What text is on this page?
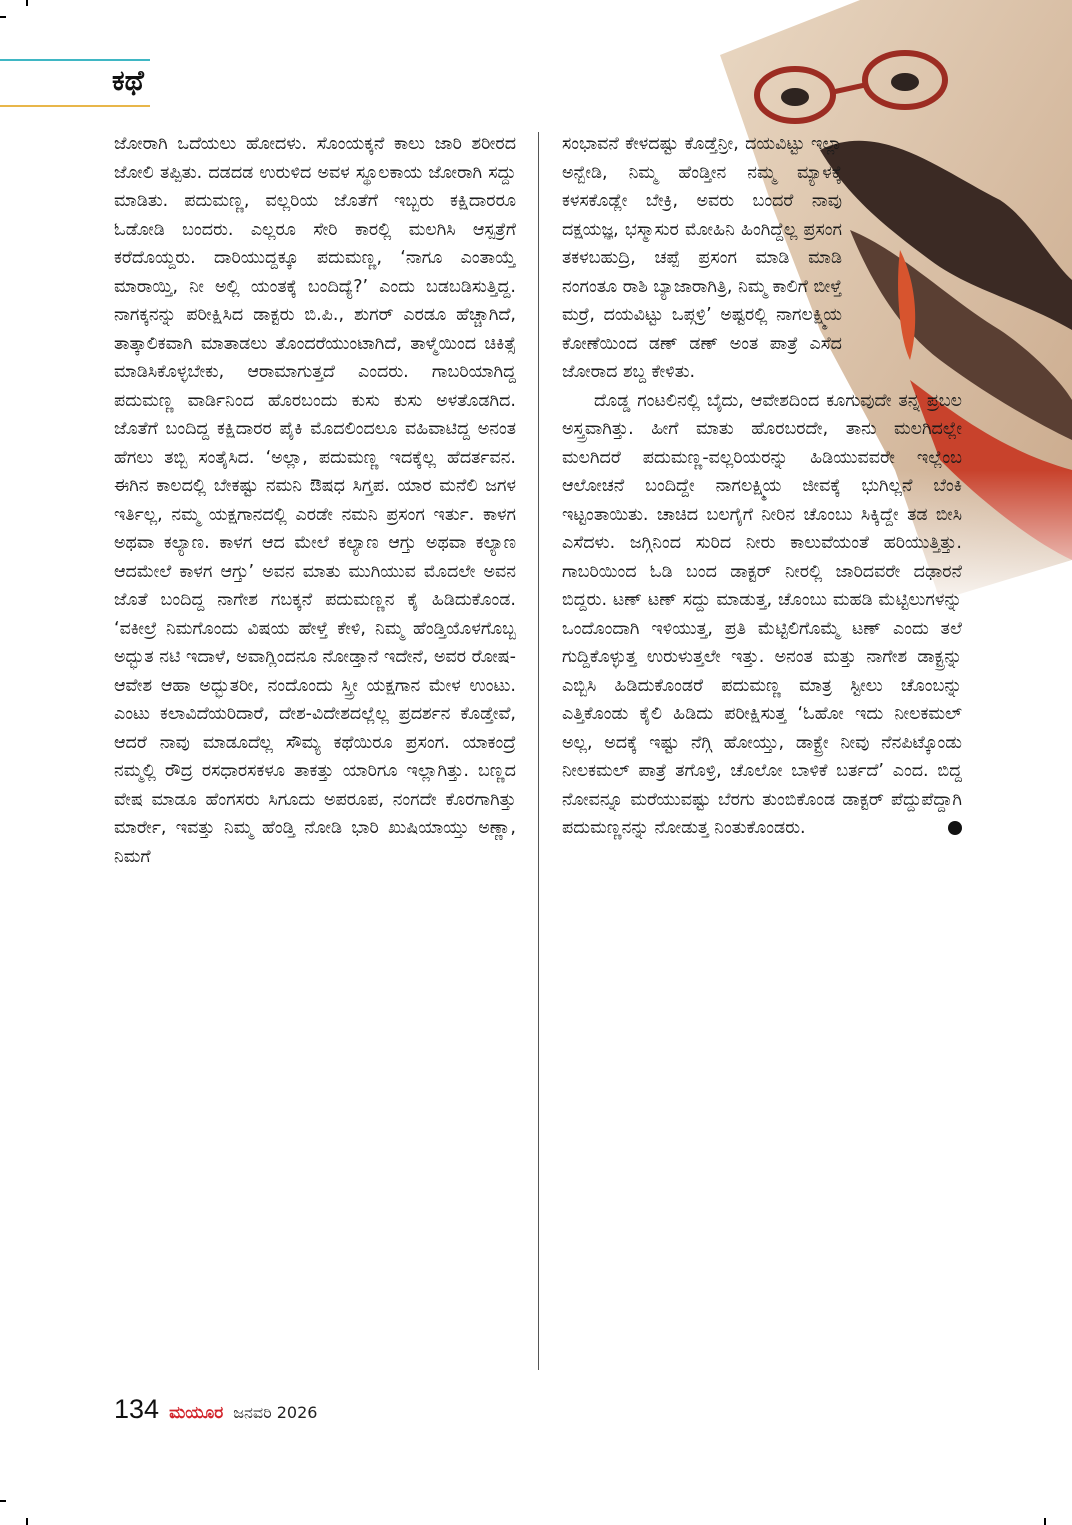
ಕಥೆ

ಜೋರಾಗಿ ಒದೆಯಲು ಹೋದಳು. ಸೊಂಯಕ್ಕನೆ ಕಾಲು ಜಾರಿ ಶರೀರದ ಜೋಲಿ ತಪ್ಪಿತು. ದಡದಡ ಉರುಳಿದ ಅವಳ ಸ್ಥೂಲಕಾಯ ಜೋರಾಗಿ ಸದ್ದು ಮಾಡಿತು. ಪದುಮಣ್ಣ, ವಲ್ಲರಿಯ ಜೊತೆಗೆ ಇಬ್ಬರು ಕಕ್ಷಿದಾರರೂ ಓಡೋಡಿ ಬಂದರು. ಎಲ್ಲರೂ ಸೇರಿ ಕಾರಲ್ಲಿ ಮಲಗಿಸಿ ಆಸ್ಪತ್ರೆಗೆ ಕರೆದೊಯ್ದರು. ದಾರಿಯುದ್ದಕ್ಕೂ ಪದುಮಣ್ಣ, ‘ನಾಗೂ ಎಂತಾಯ್ತೆ ಮಾರಾಯ್ತಿ, ನೀ ಅಲ್ಲಿ ಯಂತಕ್ಕೆ ಬಂದಿದ್ಯೆ?’ ಎಂದು ಬಡಬಡಿಸುತ್ತಿದ್ದ. ನಾಗಕ್ಕನನ್ನು ಪರೀಕ್ಷಿಸಿದ ಡಾಕ್ಟರು ಬಿ.ಪಿ., ಶುಗರ್ ಎರಡೂ ಹೆಚ್ಚಾಗಿದೆ, ತಾತ್ಕಾಲಿಕವಾಗಿ ಮಾತಾಡಲು ತೊಂದರೆಯುಂಟಾಗಿದೆ, ತಾಳ್ಮೆಯಿಂದ ಚಿಕಿತ್ಸೆ ಮಾಡಿಸಿಕೊಳ್ಳಬೇಕು, ಆರಾಮಾಗುತ್ತದೆ ಎಂದರು. ಗಾಬರಿಯಾಗಿದ್ದ ಪದುಮಣ್ಣ ವಾರ್ಡಿನಿಂದ ಹೊರಬಂದು ಕುಸು ಕುಸು ಅಳತೊಡಗಿದ. ಜೊತೆಗೆ ಬಂದಿದ್ದ ಕಕ್ಷಿದಾರರ ಪೈಕಿ ಮೊದಲಿಂದಲೂ ವಹಿವಾಟಿದ್ದ ಅನಂತ ಹೆಗಲು ತಬ್ಬಿ ಸಂತೈಸಿದ. ‘ಅಲ್ಲಾ, ಪದುಮಣ್ಣ ಇದಕ್ಕೆಲ್ಲ ಹೆದರ್ತವನ. ಈಗಿನ ಕಾಲದಲ್ಲಿ ಬೇಕಷ್ಟು ನಮನಿ ಔಷಧ ಸಿಗ್ತಪ. ಯಾರ ಮನೆಲಿ ಜಗಳ ಇರ್ತಿಲ್ಲ, ನಮ್ಮ ಯಕ್ಷಗಾನದಲ್ಲಿ ಎರಡೇ ನಮನಿ ಪ್ರಸಂಗ ಇರ್ತು. ಕಾಳಗ ಅಥವಾ ಕಲ್ಯಾಣ. ಕಾಳಗ ಆದ ಮೇಲೆ ಕಲ್ಯಾಣ ಆಗ್ತು ಅಥವಾ ಕಲ್ಯಾಣ ಆದಮೇಲೆ ಕಾಳಗ ಆಗ್ತು’ ಅವನ ಮಾತು ಮುಗಿಯುವ ಮೊದಲೇ ಅವನ ಜೊತೆ ಬಂದಿದ್ದ ನಾಗೇಶ ಗಬಕ್ಕನೆ ಪದುಮಣ್ಣನ ಕೈ ಹಿಡಿದುಕೊಂಡ. ‘ವಕೀಲ್ರೆ ನಿಮಗೊಂದು ವಿಷಯ ಹೇಳ್ತೆ ಕೇಳಿ, ನಿಮ್ಮ ಹೆಂಡ್ತಿಯೊಳಗೊಬ್ಬ ಅದ್ಭುತ ನಟಿ ಇದಾಳೆ, ಅವಾಗ್ಲಿಂದನೂ ನೋಡ್ತಾನೆ ಇದೇನೆ, ಅವರ ರೋಷ-ಆವೇಶ ಆಹಾ ಅದ್ಭುತರೀ, ನಂದೊಂದು ಸ್ತ್ರೀ ಯಕ್ಷಗಾನ ಮೇಳ ಉಂಟು. ಎಂಟು ಕಲಾವಿದೆಯರಿದಾರೆ, ದೇಶ-ವಿದೇಶದಲ್ಲೆಲ್ಲ ಪ್ರದರ್ಶನ ಕೊಡ್ತೇವೆ, ಆದರೆ ನಾವು ಮಾಡೂದೆಲ್ಲ ಸೌಮ್ಯ ಕಥೆಯಿರೂ ಪ್ರಸಂಗ. ಯಾಕಂದ್ರೆ ನಮ್ಮಲ್ಲಿ ರೌದ್ರ ರಸಧಾರಸಕಳೂ ತಾಕತ್ತು ಯಾರಿಗೂ ಇಲ್ಲಾಗಿತ್ತು. ಬಣ್ಣದ ವೇಷ ಮಾಡೂ ಹೆಂಗಸರು ಸಿಗೂದು ಅಪರೂಪ, ನಂಗದೇ ಕೊರಗಾಗಿತ್ತು ಮಾರ್ರೇ, ಇವತ್ತು ನಿಮ್ಮ ಹೆಂಡ್ತಿ ನೋಡಿ ಭಾರಿ ಖುಷಿಯಾಯ್ತು ಅಣ್ಣಾ, ನಿಮಗೆ

ಸಂಭಾವನೆ ಕೇಳದಷ್ಟು ಕೊಡ್ತೆನ್ರೀ, ದಯವಿಟ್ಟು ಇಲ್ಲಾ ಅನ್ಬೇಡಿ, ನಿಮ್ಮ ಹೆಂಡ್ತೀನ ನಮ್ಮ ಮ್ಯಾಳಕ್ಕೆ ಕಳಸಕೊಡ್ಲೇ ಬೇಕ್ರಿ, ಅವರು ಬಂದರೆ ನಾವು ದಕ್ಷಯಜ್ಞ, ಭಸ್ಮಾಸುರ ಮೋಹಿನಿ ಹಿಂಗಿದ್ದೆಲ್ಲ ಪ್ರಸಂಗ ತಕಳಬಹುದ್ರಿ, ಚಪ್ಪೆ ಪ್ರಸಂಗ ಮಾಡಿ ಮಾಡಿ ನಂಗಂತೂ ರಾಶಿ ಬ್ಯಾಜಾರಾಗಿತ್ರಿ, ನಿಮ್ಮ ಕಾಲಿಗೆ ಬೀಳ್ತೆ ಮರ್ರೆ, ದಯವಿಟ್ಟು ಒಪ್ಗಳ್ರಿ’ ಅಷ್ಟರಲ್ಲಿ ನಾಗಲಕ್ಷ್ಮಿಯ ಕೋಣೆಯಿಂದ ಡಣ್ ಡಣ್ ಅಂತ ಪಾತ್ರೆ ಎಸೆದ ಜೋರಾದ ಶಬ್ದ ಕೇಳಿತು.

ದೊಡ್ಡ ಗಂಟಲಿನಲ್ಲಿ ಬೈದು, ಆವೇಶದಿಂದ ಕೂಗುವುದೇ ತನ್ನ ಪ್ರಬಲ ಅಸ್ತ್ರವಾಗಿತ್ತು. ಹೀಗೆ ಮಾತು ಹೊರಬರದೇ, ತಾನು ಮಲಗಿದಲ್ಲೇ ಮಲಗಿದರೆ ಪದುಮಣ್ಣ-ವಲ್ಲರಿಯರನ್ನು ಹಿಡಿಯುವವರೇ ಇಲ್ಲೆಂಬ ಆಲೋಚನೆ ಬಂದಿದ್ದೇ ನಾಗಲಕ್ಷ್ಮಿಯ ಜೀವಕ್ಕೆ ಭುಗಿಲ್ಲನೆ ಬೆಂಕಿ ಇಟ್ಟಂತಾಯಿತು. ಚಾಚಿದ ಬಲಗೈಗೆ ನೀರಿನ ಚೊಂಬು ಸಿಕ್ಕಿದ್ದೇ ತಡ ಬೀಸಿ ಎಸೆದಳು. ಜಗ್ಗಿನಿಂದ ಸುರಿದ ನೀರು ಕಾಲುವೆಯಂತೆ ಹರಿಯುತ್ತಿತ್ತು. ಗಾಬರಿಯಿಂದ ಓಡಿ ಬಂದ ಡಾಕ್ಟರ್ ನೀರಲ್ಲಿ ಜಾರಿದವರೇ ದಢಾರನೆ ಬಿದ್ದರು. ಟಣ್ ಟಣ್ ಸದ್ದು ಮಾಡುತ್ತ, ಚೊಂಬು ಮಹಡಿ ಮೆಟ್ಟಿಲುಗಳನ್ನು ಒಂದೊಂದಾಗಿ ಇಳಿಯುತ್ತ, ಪ್ರತಿ ಮೆಟ್ಟಿಲಿಗೊಮ್ಮೆ ಟಣ್ ಎಂದು ತಲೆ ಗುದ್ದಿಕೊಳ್ಳುತ್ತ ಉರುಳುತ್ತಲೇ ಇತ್ತು. ಅನಂತ ಮತ್ತು ನಾಗೇಶ ಡಾಕ್ಟ್ರನ್ನು ಎಬ್ಬಿಸಿ ಹಿಡಿದುಕೊಂಡರೆ ಪದುಮಣ್ಣ ಮಾತ್ರ ಸ್ಟೀಲು ಚೊಂಬನ್ನು ಎತ್ತಿಕೊಂಡು ಕೈಲಿ ಹಿಡಿದು ಪರೀಕ್ಷಿಸುತ್ತ ‘ಓಹೋ ಇದು ನೀಲಕಮಲ್ ಅಲ್ಲ, ಅದಕ್ಕೆ ಇಷ್ಟು ನೆಗ್ಗಿ ಹೋಯ್ತು, ಡಾಕ್ಟ್ರೇ ನೀವು ನೆನಪಿಟ್ಕೊಂಡು ನೀಲಕಮಲ್ ಪಾತ್ರೆ ತಗೊಳ್ರಿ, ಚೊಲೋ ಬಾಳಿಕೆ ಬರ್ತದೆ’ ಎಂದ. ಬಿದ್ದ ನೋವನ್ನೂ ಮರೆಯುವಷ್ಟು ಬೆರಗು ತುಂಬಿಕೊಂಡ ಡಾಕ್ಟರ್ ಪೆದ್ದುಪೆದ್ದಾಗಿ ಪದುಮಣ್ಣನನ್ನು ನೋಡುತ್ತ ನಿಂತುಕೊಂಡರು.

134 ಮಯೂರ ಜನವರಿ 2026
